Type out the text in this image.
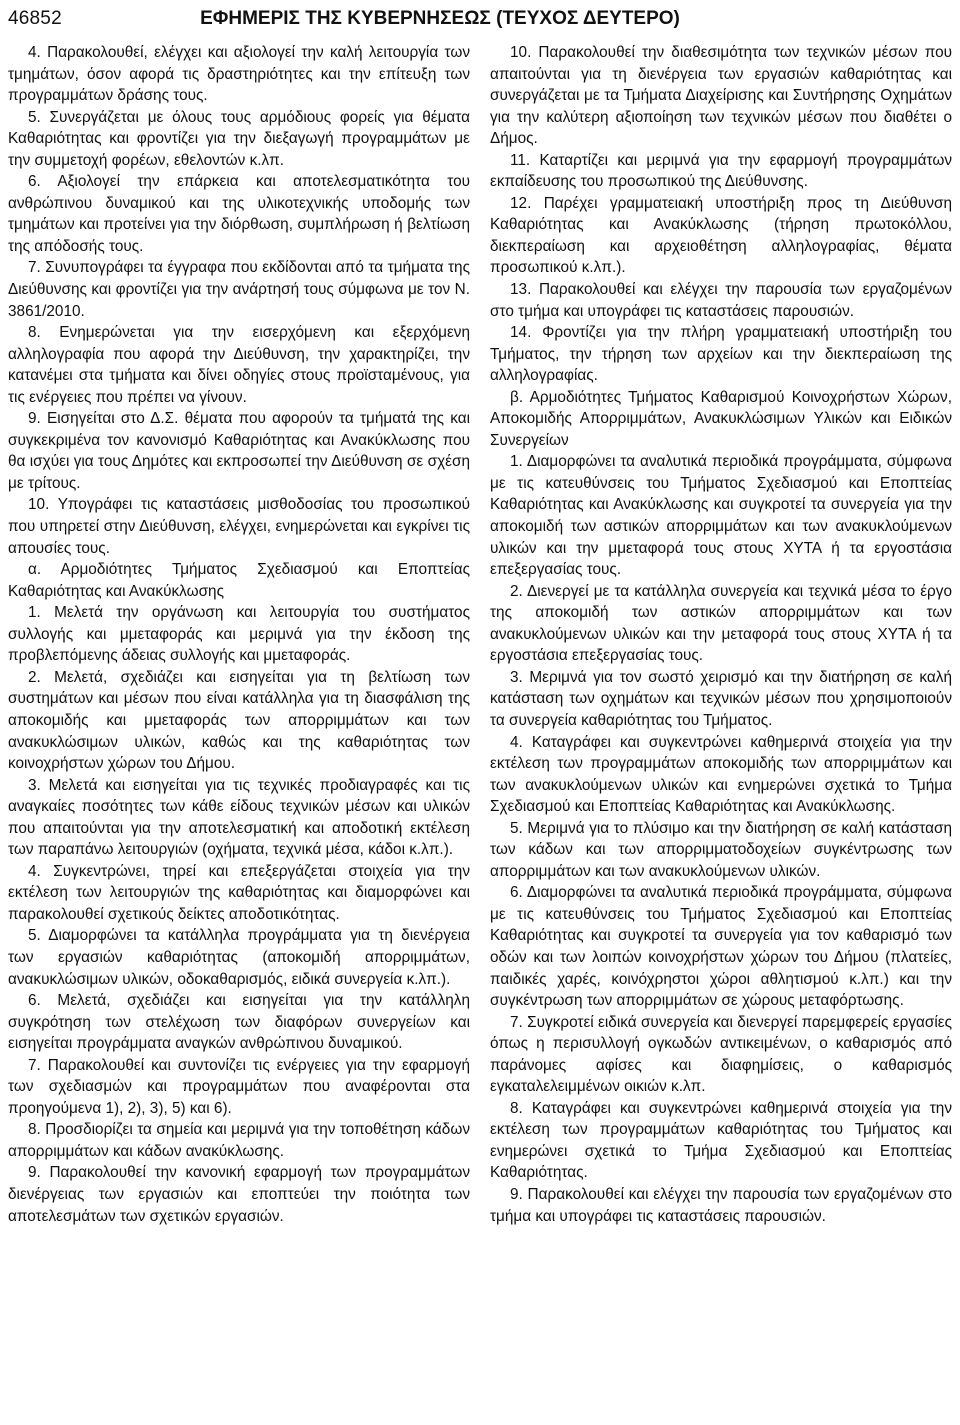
46852	ΕΦΗΜΕΡΙΣ ΤΗΣ ΚΥΒΕΡΝΗΣΕΩΣ (ΤΕΥΧΟΣ ΔΕΥΤΕΡΟ)

4. Παρακολουθεί, ελέγχει και αξιολογεί την καλή λειτουργία των τμημάτων, όσον αφορά τις δραστηριότητες και την επίτευξη των προγραμμάτων δράσης τους.

5. Συνεργάζεται με όλους τους αρμόδιους φορείς για θέματα Καθαριότητας και φροντίζει για την διεξαγωγή προγραμμάτων με την συμμετοχή φορέων, εθελοντών κ.λπ.

6. Αξιολογεί την επάρκεια και αποτελεσματικότητα του ανθρώπινου δυναμικού και της υλικοτεχνικής υποδομής των τμημάτων και προτείνει για την διόρθωση, συμπλήρωση ή βελτίωση της απόδοσής τους.

7. Συνυπογράφει τα έγγραφα που εκδίδονται από τα τμήματα της Διεύθυνσης και φροντίζει για την ανάρτησή τους σύμφωνα με τον Ν. 3861/2010.

8. Ενημερώνεται για την εισερχόμενη και εξερχόμενη αλληλογραφία που αφορά την Διεύθυνση, την χαρακτηρίζει, την κατανέμει στα τμήματα και δίνει οδηγίες στους προϊσταμένους, για τις ενέργειες που πρέπει να γίνουν.

9. Εισηγείται στο Δ.Σ. θέματα που αφορούν τα τμήματά της και συγκεκριμένα τον κανονισμό Καθαριότητας και Ανακύκλωσης που θα ισχύει για τους Δημότες και εκπροσωπεί την Διεύθυνση σε σχέση με τρίτους.

10. Υπογράφει τις καταστάσεις μισθοδοσίας του προσωπικού που υπηρετεί στην Διεύθυνση, ελέγχει, ενημερώνεται και εγκρίνει τις απουσίες τους.

α. Αρμοδιότητες Τμήματος Σχεδιασμού και Εποπτείας Καθαριότητας και Ανακύκλωσης

1. Μελετά την οργάνωση και λειτουργία του συστήματος συλλογής και μμεταφοράς και μεριμνά για την έκδοση της προβλεπόμενης άδειας συλλογής και μμεταφοράς.

2. Μελετά, σχεδιάζει και εισηγείται για τη βελτίωση των συστημάτων και μέσων που είναι κατάλληλα για τη διασφάλιση της αποκομιδής και μμεταφοράς των απορριμμάτων και των ανακυκλώσιμων υλικών, καθώς και της καθαριότητας των κοινοχρήστων χώρων του Δήμου.

3. Μελετά και εισηγείται για τις τεχνικές προδιαγραφές και τις αναγκαίες ποσότητες των κάθε είδους τεχνικών μέσων και υλικών που απαιτούνται για την αποτελεσματική και αποδοτική εκτέλεση των παραπάνω λειτουργιών (οχήματα, τεχνικά μέσα, κάδοι κ.λπ.).

4. Συγκεντρώνει, τηρεί και επεξεργάζεται στοιχεία για την εκτέλεση των λειτουργιών της καθαριότητας και διαμορφώνει και παρακολουθεί σχετικούς δείκτες αποδοτικότητας.

5. Διαμορφώνει τα κατάλληλα προγράμματα για τη διενέργεια των εργασιών καθαριότητας (αποκομιδή απορριμμάτων, ανακυκλώσιμων υλικών, οδοκαθαρισμός, ειδικά συνεργεία κ.λπ.).

6. Μελετά, σχεδιάζει και εισηγείται για την κατάλληλη συγκρότηση των στελέχωση των διαφόρων συνεργείων και εισηγείται προγράμματα αναγκών ανθρώπινου δυναμικού.

7. Παρακολουθεί και συντονίζει τις ενέργειες για την εφαρμογή των σχεδιασμών και προγραμμάτων που αναφέρονται στα προηγούμενα 1), 2), 3), 5) και 6).

8. Προσδιορίζει τα σημεία και μεριμνά για την τοποθέτηση κάδων απορριμμάτων και κάδων ανακύκλωσης.

9. Παρακολουθεί την κανονική εφαρμογή των προγραμμάτων διενέργειας των εργασιών και εποπτεύει την ποιότητα των αποτελεσμάτων των σχετικών εργασιών.

10. Παρακολουθεί την διαθεσιμότητα των τεχνικών μέσων που απαιτούνται για τη διενέργεια των εργασιών καθαριότητας και συνεργάζεται με τα Τμήματα Διαχείρισης και Συντήρησης Οχημάτων για την καλύτερη αξιοποίηση των τεχνικών μέσων που διαθέτει ο Δήμος.

11. Καταρτίζει και μεριμνά για την εφαρμογή προγραμμάτων εκπαίδευσης του προσωπικού της Διεύθυνσης.

12. Παρέχει γραμματειακή υποστήριξη προς τη Διεύθυνση Καθαριότητας και Ανακύκλωσης (τήρηση πρωτοκόλλου, διεκπεραίωση και αρχειοθέτηση αλληλογραφίας, θέματα προσωπικού κ.λπ.).

13. Παρακολουθεί και ελέγχει την παρουσία των εργαζομένων στο τμήμα και υπογράφει τις καταστάσεις παρουσιών.

14. Φροντίζει για την πλήρη γραμματειακή υποστήριξη του Τμήματος, την τήρηση των αρχείων και την διεκπεραίωση της αλληλογραφίας.

β. Αρμοδιότητες Τμήματος Καθαρισμού Κοινοχρήστων Χώρων, Αποκομιδής Απορριμμάτων, Ανακυκλώσιμων Υλικών και Ειδικών Συνεργείων

1. Διαμορφώνει τα αναλυτικά περιοδικά προγράμματα, σύμφωνα με τις κατευθύνσεις του Τμήματος Σχεδιασμού και Εποπτείας Καθαριότητας και Ανακύκλωσης και συγκροτεί τα συνεργεία για την αποκομιδή των αστικών απορριμμάτων και των ανακυκλούμενων υλικών και την μμεταφορά τους στους ΧΥΤΑ ή τα εργοστάσια επεξεργασίας τους.

2. Διενεργεί με τα κατάλληλα συνεργεία και τεχνικά μέσα το έργο της αποκομιδή των αστικών απορριμμάτων και των ανακυκλούμενων υλικών και την μεταφορά τους στους ΧΥΤΑ ή τα εργοστάσια επεξεργασίας τους.

3. Μεριμνά για τον σωστό χειρισμό και την διατήρηση σε καλή κατάσταση των οχημάτων και τεχνικών μέσων που χρησιμοποιούν τα συνεργεία καθαριότητας του Τμήματος.

4. Καταγράφει και συγκεντρώνει καθημερινά στοιχεία για την εκτέλεση των προγραμμάτων αποκομιδής των απορριμμάτων και των ανακυκλούμενων υλικών και ενημερώνει σχετικά το Τμήμα Σχεδιασμού και Εποπτείας Καθαριότητας και Ανακύκλωσης.

5. Μεριμνά για το πλύσιμο και την διατήρηση σε καλή κατάσταση των κάδων και των απορριμματοδοχείων συγκέντρωσης των απορριμμάτων και των ανακυκλούμενων υλικών.

6. Διαμορφώνει τα αναλυτικά περιοδικά προγράμματα, σύμφωνα με τις κατευθύνσεις του Τμήματος Σχεδιασμού και Εποπτείας Καθαριότητας και συγκροτεί τα συνεργεία για τον καθαρισμό των οδών και των λοιπών κοινοχρήστων χώρων του Δήμου (πλατείες, παιδικές χαρές, κοινόχρηστοι χώροι αθλητισμού κ.λπ.) και την συγκέντρωση των απορριμμάτων σε χώρους μεταφόρτωσης.

7. Συγκροτεί ειδικά συνεργεία και διενεργεί παρεμφερείς εργασίες όπως η περισυλλογή ογκωδών αντικειμένων, ο καθαρισμός από παράνομες αφίσες και διαφημίσεις, ο καθαρισμός εγκαταλελειμμένων οικιών κ.λπ.

8. Καταγράφει και συγκεντρώνει καθημερινά στοιχεία για την εκτέλεση των προγραμμάτων καθαριότητας του Τμήματος και ενημερώνει σχετικά το Τμήμα Σχεδιασμού και Εποπτείας Καθαριότητας.

9. Παρακολουθεί και ελέγχει την παρουσία των εργαζομένων στο τμήμα και υπογράφει τις καταστάσεις παρουσιών.
